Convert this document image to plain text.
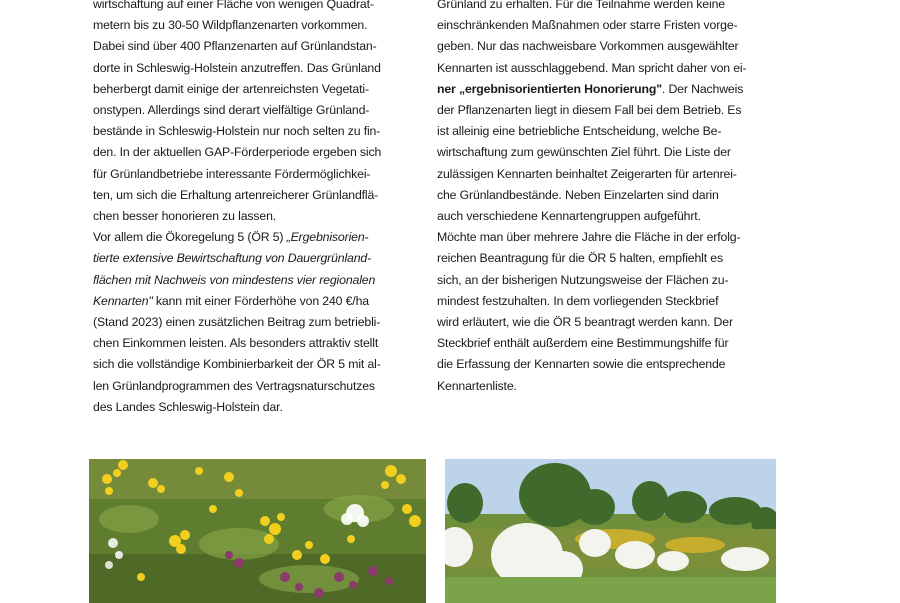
wirtschaftung auf einer Fläche von wenigen Quadrat-
metern bis zu 30-50 Wildpflanzenarten vorkommen.
Dabei sind über 400 Pflanzenarten auf Grünlandstan-
dorte in Schleswig-Holstein anzutreffen. Das Grünland
beherbergt damit einige der artenreichsten Vegetati-
onstypen. Allerdings sind derart vielfältige Grünland-
bestände in Schleswig-Holstein nur noch selten zu fin-
den. In der aktuellen GAP-Förderperiode ergeben sich
für Grünlandbetriebe interessante Fördermöglichkei-
ten, um sich die Erhaltung artenreicherer Grünlandflä-
chen besser honorieren zu lassen.
Vor allem die Ökoregelung 5 (ÖR 5) „Ergebnisorien-
tierte extensive Bewirtschaftung von Dauergrünland-
flächen mit Nachweis von mindestens vier regionalen
Kennarten" kann mit einer Förderhöhe von 240 €/ha
(Stand 2023) einen zusätzlichen Beitrag zum betriebli-
chen Einkommen leisten. Als besonders attraktiv stellt
sich die vollständige Kombinierbarkeit der ÖR 5 mit al-
len Grünlandprogrammen des Vertragsnaturschutzes
des Landes Schleswig-Holstein dar.
Grünland zu erhalten. Für die Teilnahme werden keine
einschränkenden Maßnahmen oder starre Fristen vorge-
geben. Nur das nachweisbare Vorkommen ausgewählter
Kennarten ist ausschlaggebend. Man spricht daher von ei-
ner „ergebnisorientierten Honorierung". Der Nachweis
der Pflanzenarten liegt in diesem Fall bei dem Betrieb. Es
ist alleinig eine betriebliche Entscheidung, welche Be-
wirtschaftung zum gewünschten Ziel führt. Die Liste der
zulässigen Kennarten beinhaltet Zeigerarten für artenrei-
che Grünlandbestände. Neben Einzelarten sind darin
auch verschiedene Kennartengruppen aufgeführt.
Möchte man über mehrere Jahre die Fläche in der erfolg-
reichen Beantragung für die ÖR 5 halten, empfiehlt es
sich, an der bisherigen Nutzungsweise der Flächen zu-
mindest festzuhalten. In dem vorliegenden Steckbrief
wird erläutert, wie die ÖR 5 beantragt werden kann. Der
Steckbrief enthält außerdem eine Bestimmungshilfe für
die Erfassung der Kennarten sowie die entsprechende
Kennartenliste.
